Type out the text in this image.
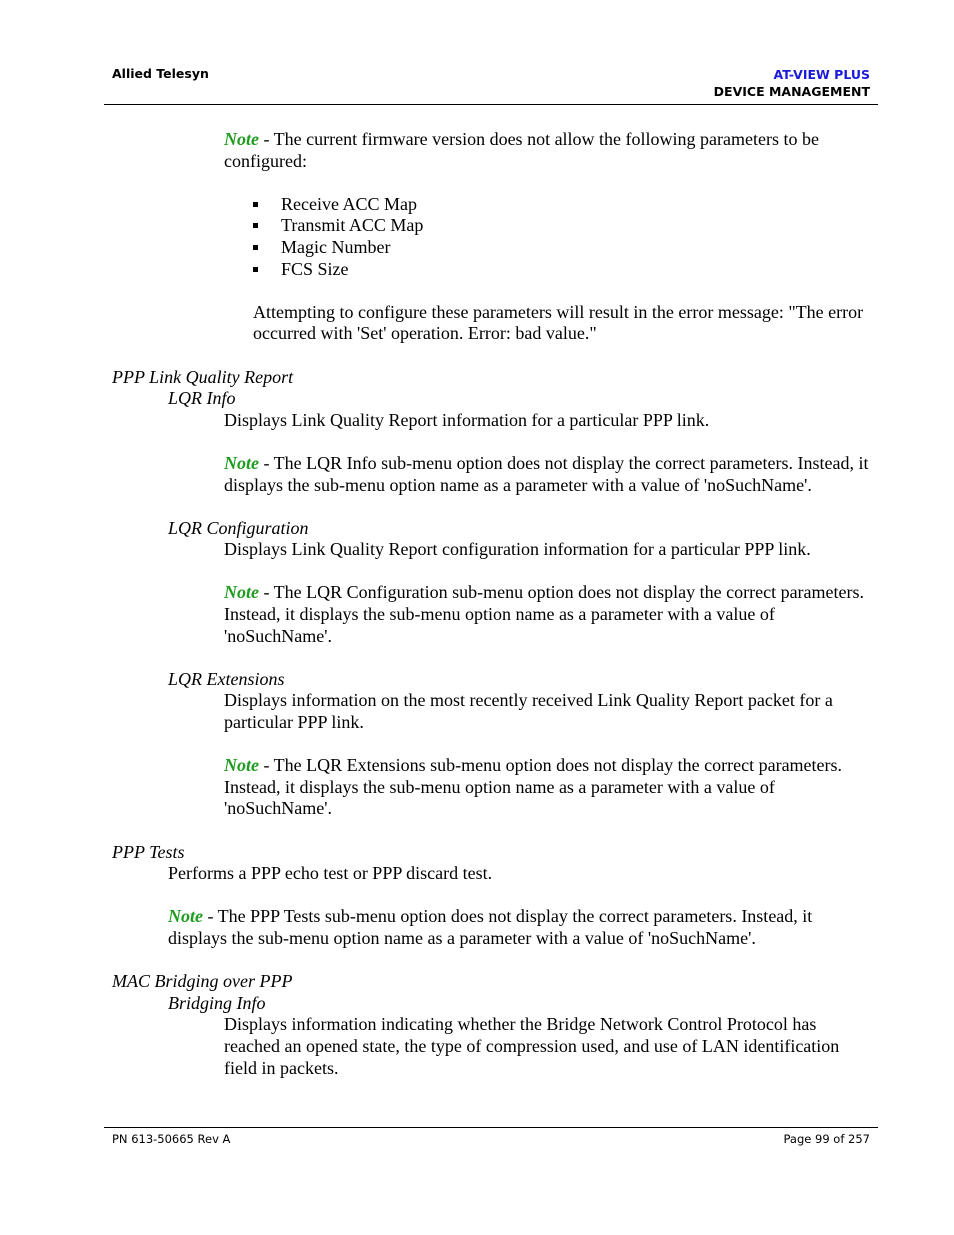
Allied Telesyn	AT-VIEW PLUS
DEVICE MANAGEMENT

Note - The current firmware version does not allow the following parameters to be configured:

Receive ACC Map
Transmit ACC Map
Magic Number
FCS Size

Attempting to configure these parameters will result in the error message: "The error occurred with 'Set' operation. Error: bad value."

PPP Link Quality Report

LQR Info

Displays Link Quality Report information for a particular PPP link.

Note - The LQR Info sub-menu option does not display the correct parameters. Instead, it displays the sub-menu option name as a parameter with a value of 'noSuchName'.

LQR Configuration

Displays Link Quality Report configuration information for a particular PPP link.

Note - The LQR Configuration sub-menu option does not display the correct parameters. Instead, it displays the sub-menu option name as a parameter with a value of 'noSuchName'.

LQR Extensions

Displays information on the most recently received Link Quality Report packet for a particular PPP link.

Note - The LQR Extensions sub-menu option does not display the correct parameters. Instead, it displays the sub-menu option name as a parameter with a value of 'noSuchName'.

PPP Tests

Performs a PPP echo test or PPP discard test.

Note - The PPP Tests sub-menu option does not display the correct parameters. Instead, it displays the sub-menu option name as a parameter with a value of 'noSuchName'.

MAC Bridging over PPP

Bridging Info

Displays information indicating whether the Bridge Network Control Protocol has reached an opened state, the type of compression used, and use of LAN identification field in packets.

PN 613-50665 Rev A	Page 99 of 257
